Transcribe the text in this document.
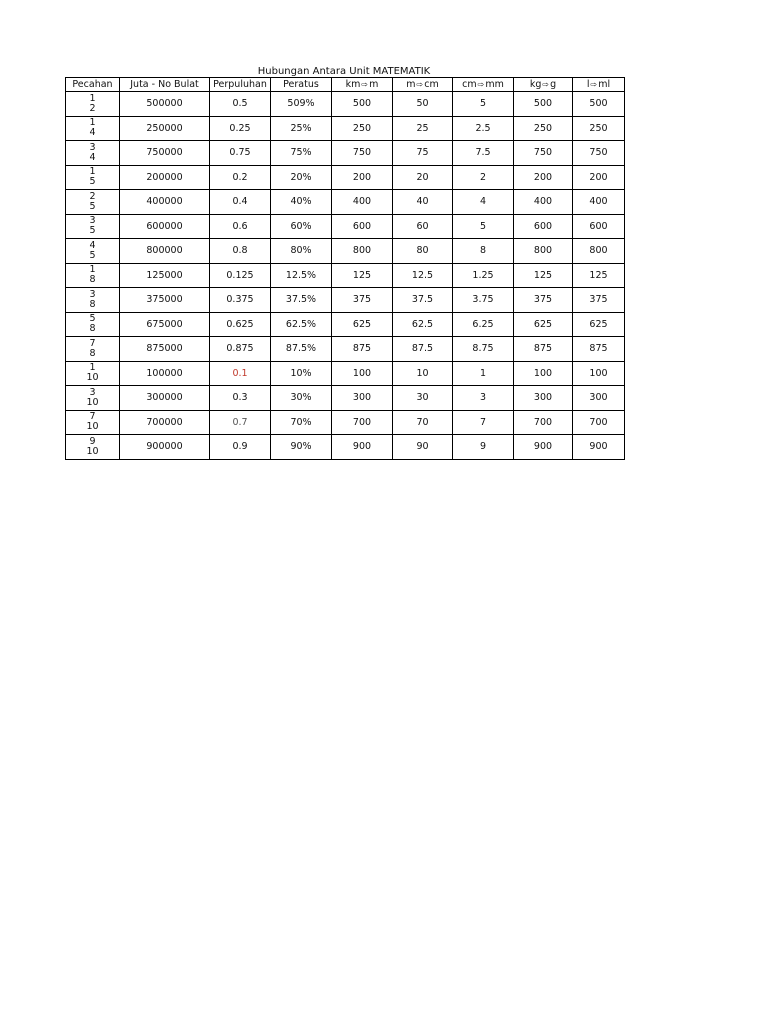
Hubungan Antara Unit MATEMATIK
Pecahan	Juta - No Bulat	Perpuluhan	Peratus	km⇨m	m⇨cm	cm⇨mm	kg⇨g	l⇨ml

1
2	500000	0.5	509%	500	50	5	500	500

1
4	250000	0.25	25%	250	25	2.5	250	250

3
4	750000	0.75	75%	750	75	7.5	750	750

1
5	200000	0.2	20%	200	20	2	200	200

2
5	400000	0.4	40%	400	40	4	400	400

3
5	600000	0.6	60%	600	60	5	600	600

4
5	800000	0.8	80%	800	80	8	800	800

1
8	125000	0.125	12.5%	125	12.5	1.25	125	125

3
8	375000	0.375	37.5%	375	37.5	3.75	375	375

5
8	675000	0.625	62.5%	625	62.5	6.25	625	625

7
8	875000	0.875	87.5%	875	87.5	8.75	875	875

1
10	100000	0.1	10%	100	10	1	100	100

3
10	300000	0.3	30%	300	30	3	300	300

7
10	700000	0.7	70%	700	70	7	700	700

9
10	900000	0.9	90%	900	90	9	900	900
